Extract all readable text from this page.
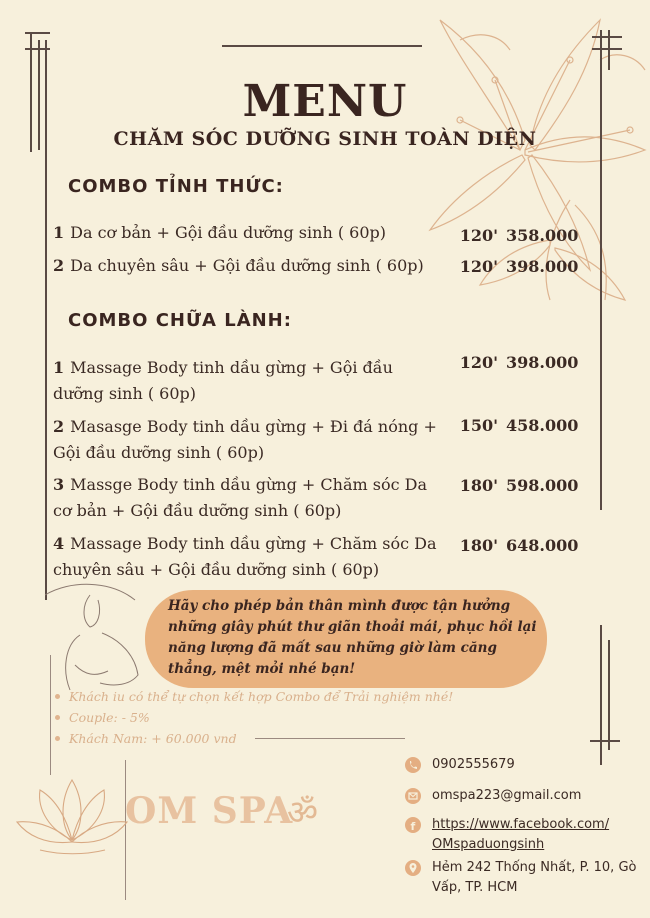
MENU
CHĂM SÓC DƯỠNG SINH TOÀN DIỆN
COMBO TỈNH THỨC:
1 Da cơ bản + Gội đầu dưỡng sinh ( 60p)	120' 358.000
2 Da chuyên sâu + Gội đầu dưỡng sinh ( 60p)	120' 398.000
COMBO CHỮA LÀNH:
1 Massage Body tinh dầu gừng + Gội đầu dưỡng sinh ( 60p)
120' 398.000
2 Masasge Body tinh dầu gừng + Đi đá nóng + Gội đầu dưỡng sinh ( 60p)
150' 458.000
3 Massge Body tinh dầu gừng + Chăm sóc Da cơ bản + Gội đầu dưỡng sinh ( 60p)
180' 598.000
4 Massage Body tinh dầu gừng + Chăm sóc Da chuyên sâu + Gội đầu dưỡng sinh ( 60p)
180' 648.000
Hãy cho phép bản thân mình được tận hưởng những giây phút thư giãn thoải mái, phục hồi lại năng lượng đã mất sau những giờ làm căng thẳng, mệt mỏi nhé bạn!
Khách iu có thể tự chọn kết hợp Combo để Trải nghiệm nhé!
Couple: - 5%
Khách Nam: + 60.000 vnd
OM SPA
ॐ
0902555679
omspa223@gmail.com
f https://www.facebook.com/
OMspaduongsinh
Hẻm 242 Thống Nhất, P. 10, Gò
Vấp, TP. HCM
